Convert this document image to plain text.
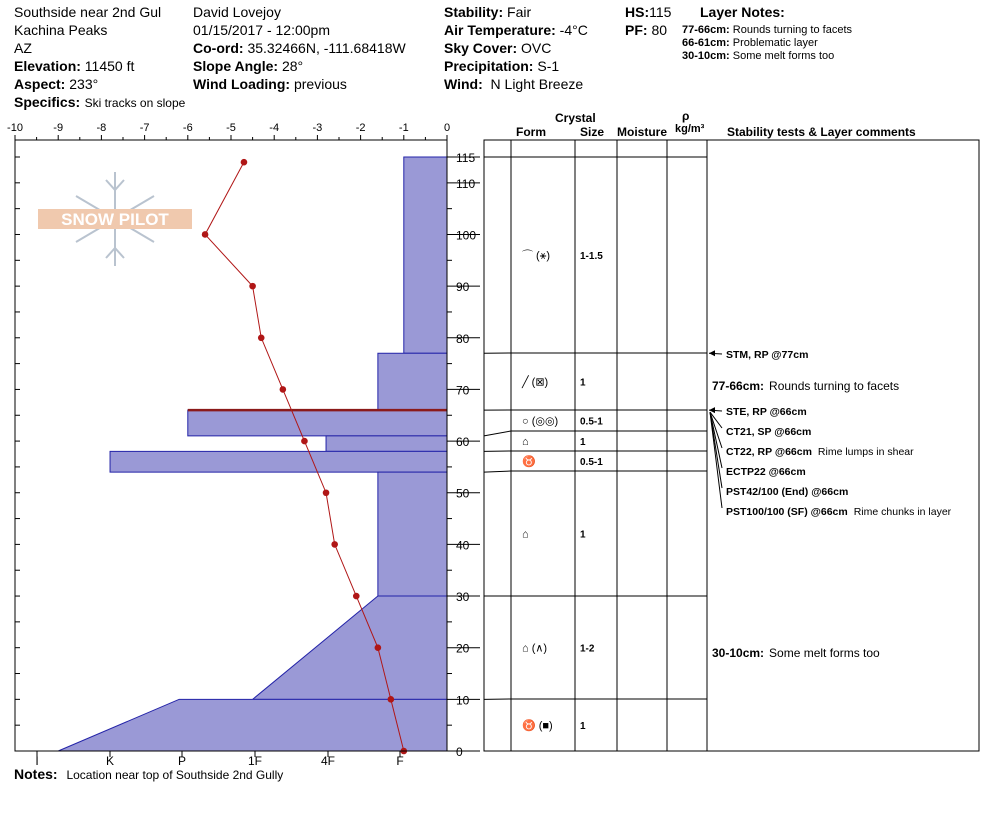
Southside near 2nd Gul
Kachina Peaks
AZ
Elevation: 11450 ft
Aspect: 233°
Specifics: Ski tracks on slope
David Lovejoy
01/15/2017 - 12:00pm
Co-ord: 35.32466N, -111.68418W
Slope Angle: 28°
Wind Loading: previous
Stability: Fair
Air Temperature: -4°C
Sky Cover: OVC
Precipitation: S-1
Wind: N Light Breeze
HS:115
PF: 80
Layer Notes:
77-66cm: Rounds turning to facets
66-61cm: Problematic layer
30-10cm: Some melt forms too
Crystal
Form	Size Moisture
ρ
kg/m³ Stability tests & Layer comments
Notes: Location near top of Southside 2nd Gully
SNOW PILOT
-10	-9	-8	-7	-6	-5	-4	-3	-2	-1	0
0
10
20
30
40
50
60
70
80
90
100
110
115
I	K	P	1F	4F	F
⌒ (⚹)	1-1.5
╱ (⊠)	1
○ (◎◎) 0.5-1
⌂	1
♉	0.5-1
⌂	1
⌂ (∧)	1-2
♉ (■)	1
STM, RP @77cm
STE, RP @66cm
CT21, SP @66cm
CT22, RP @66cm Rime lumps in shear
ECTP22 @66cm
PST42/100 (End) @66cm
PST100/100 (SF) @66cm Rime chunks in layer
77-66cm: Rounds turning to facets
30-10cm: Some melt forms too
